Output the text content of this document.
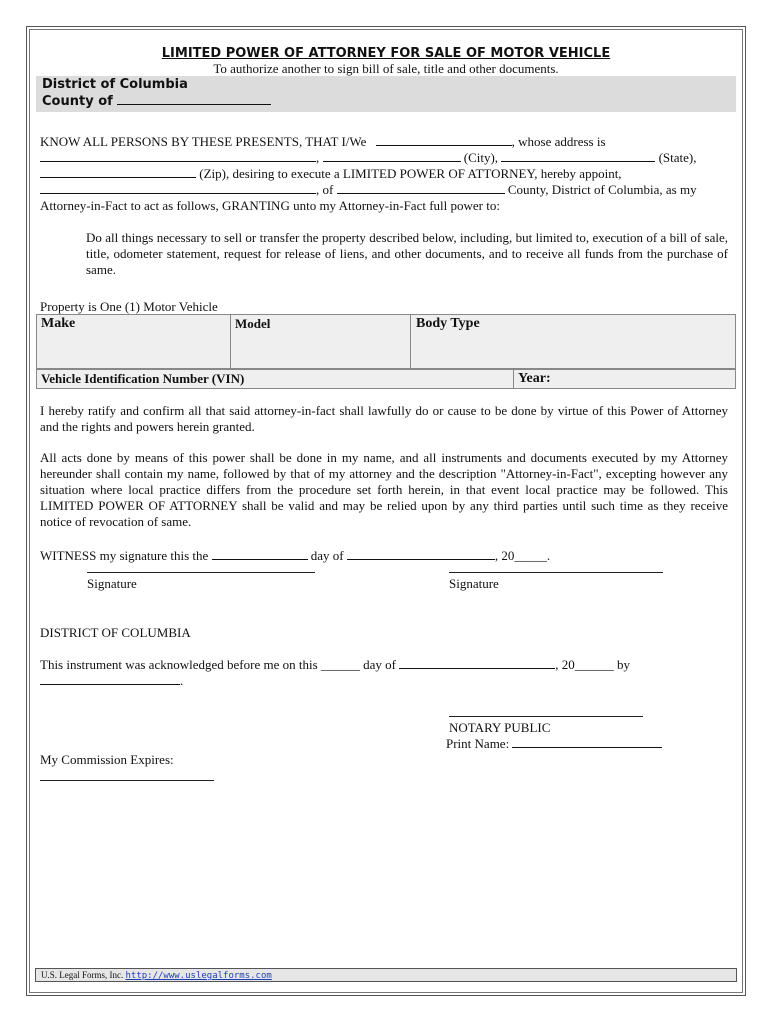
LIMITED POWER OF ATTORNEY FOR SALE OF MOTOR VEHICLE
To authorize another to sign bill of sale, title and other documents.
District of Columbia
County of
KNOW ALL PERSONS BY THESE PRESENTS, THAT I/We	, whose address is
,	(City),	(State),
(Zip), desiring to execute a LIMITED POWER OF ATTORNEY, hereby appoint,
, of	County, District of Columbia, as my
Attorney-in-Fact to act as follows, GRANTING unto my Attorney-in-Fact full power to:

Do all things necessary to sell or transfer the property described below, including, but limited to, execution of a bill of sale, title, odometer statement, request for release of liens, and other documents, and to receive all funds from the purchase of same.

Property is One (1) Motor Vehicle
Make	Model	Body Type
Vehicle Identification Number (VIN)	Year:

I hereby ratify and confirm all that said attorney-in-fact shall lawfully do or cause to be done by virtue of this Power of Attorney and the rights and powers herein granted.

All acts done by means of this power shall be done in my name, and all instruments and documents executed by my Attorney hereunder shall contain my name, followed by that of my attorney and the description "Attorney-in-Fact", excepting however any situation where local practice differs from the procedure set forth herein, in that event local practice may be followed. This LIMITED POWER OF ATTORNEY shall be valid and may be relied upon by any third parties until such time as they receive notice of revocation of same.

WITNESS my signature this the	day of	, 20_____.
Signature	Signature
DISTRICT OF COLUMBIA
This instrument was acknowledged before me on this ______ day of	, 20______ by
.
NOTARY PUBLIC
Print Name:
My Commission Expires:
U.S. Legal Forms, Inc. http://www.uslegalforms.com
